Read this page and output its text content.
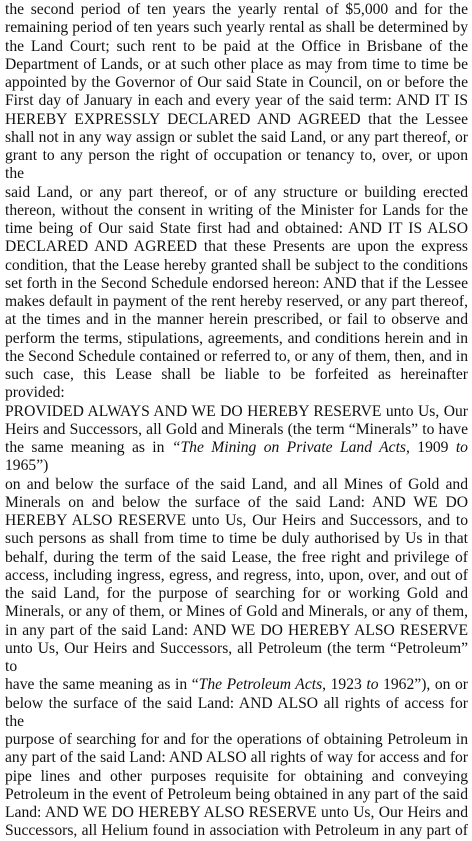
the second period of ten years the yearly rental of $5,000 and for the
remaining period of ten years such yearly rental as shall be determined by
the Land Court; such rent to be paid at the Office in Brisbane of the
Department of Lands, or at such other place as may from time to time be
appointed by the Governor of Our said State in Council, on or before the
First day of January in each and every year of the said term: AND IT IS
HEREBY EXPRESSLY DECLARED AND AGREED that the Lessee
shall not in any way assign or sublet the said Land, or any part thereof, or
grant to any person the right of occupation or tenancy to, over, or upon the
said Land, or any part thereof, or of any structure or building erected
thereon, without the consent in writing of the Minister for Lands for the
time being of Our said State first had and obtained: AND IT IS ALSO
DECLARED AND AGREED that these Presents are upon the express
condition, that the Lease hereby granted shall be subject to the conditions
set forth in the Second Schedule endorsed hereon: AND that if the Lessee
makes default in payment of the rent hereby reserved, or any part thereof,
at the times and in the manner herein prescribed, or fail to observe and
perform the terms, stipulations, agreements, and conditions herein and in
the Second Schedule contained or referred to, or any of them, then, and in
such case, this Lease shall be liable to be forfeited as hereinafter provided:
PROVIDED ALWAYS AND WE DO HEREBY RESERVE unto Us, Our
Heirs and Successors, all Gold and Minerals (the term “Minerals” to have
the same meaning as in “The Mining on Private Land Acts, 1909 to 1965”)
on and below the surface of the said Land, and all Mines of Gold and
Minerals on and below the surface of the said Land: AND WE DO
HEREBY ALSO RESERVE unto Us, Our Heirs and Successors, and to
such persons as shall from time to time be duly authorised by Us in that
behalf, during the term of the said Lease, the free right and privilege of
access, including ingress, egress, and regress, into, upon, over, and out of
the said Land, for the purpose of searching for or working Gold and
Minerals, or any of them, or Mines of Gold and Minerals, or any of them,
in any part of the said Land: AND WE DO HEREBY ALSO RESERVE
unto Us, Our Heirs and Successors, all Petroleum (the term “Petroleum” to
have the same meaning as in “The Petroleum Acts, 1923 to 1962”), on or
below the surface of the said Land: AND ALSO all rights of access for the
purpose of searching for and for the operations of obtaining Petroleum in
any part of the said Land: AND ALSO all rights of way for access and for
pipe lines and other purposes requisite for obtaining and conveying
Petroleum in the event of Petroleum being obtained in any part of the said
Land: AND WE DO HEREBY ALSO RESERVE unto Us, Our Heirs and
Successors, all Helium found in association with Petroleum in any part of
